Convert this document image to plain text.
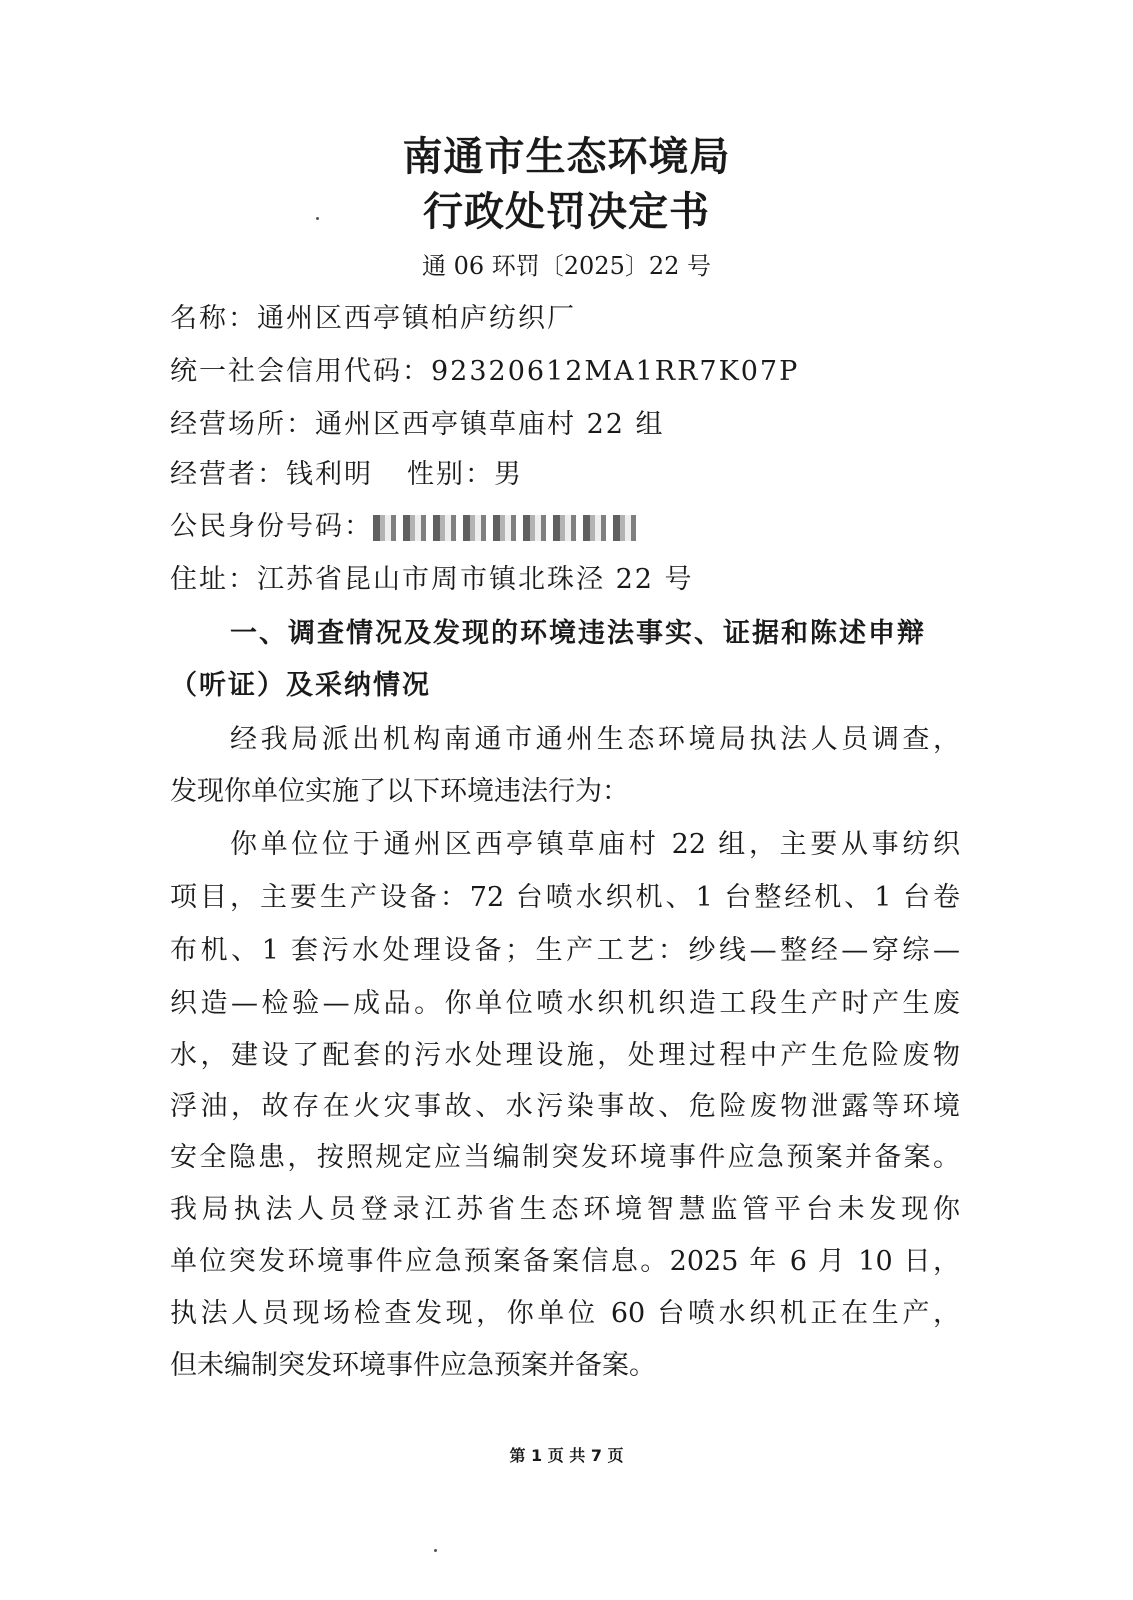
南通市生态环境局
行政处罚决定书
通 06 环罚〔2025〕22 号
名称：通州区西亭镇柏庐纺织厂
统一社会信用代码：92320612MA1RR7K07P
经营场所：通州区西亭镇草庙村 22 组
经营者：钱利明 性别：男
公民身份号码：
住址：江苏省昆山市周市镇北珠泾 22 号
一、调查情况及发现的环境违法事实、证据和陈述申辩
（听证）及采纳情况
经我局派出机构南通市通州生态环境局执法人员调查，
发现你单位实施了以下环境违法行为：
你单位位于通州区西亭镇草庙村 22 组，主要从事纺织
项目，主要生产设备：72 台喷水织机、1 台整经机、1 台卷
布机、1 套污水处理设备；生产工艺：纱线—整经—穿综—
织造—检验—成品。你单位喷水织机织造工段生产时产生废
水，建设了配套的污水处理设施，处理过程中产生危险废物
浮油，故存在火灾事故、水污染事故、危险废物泄露等环境
安全隐患，按照规定应当编制突发环境事件应急预案并备案。
我局执法人员登录江苏省生态环境智慧监管平台未发现你
单位突发环境事件应急预案备案信息。2025 年 6 月 10 日，
执法人员现场检查发现，你单位 60 台喷水织机正在生产，
但未编制突发环境事件应急预案并备案。
第 1 页 共 7 页
